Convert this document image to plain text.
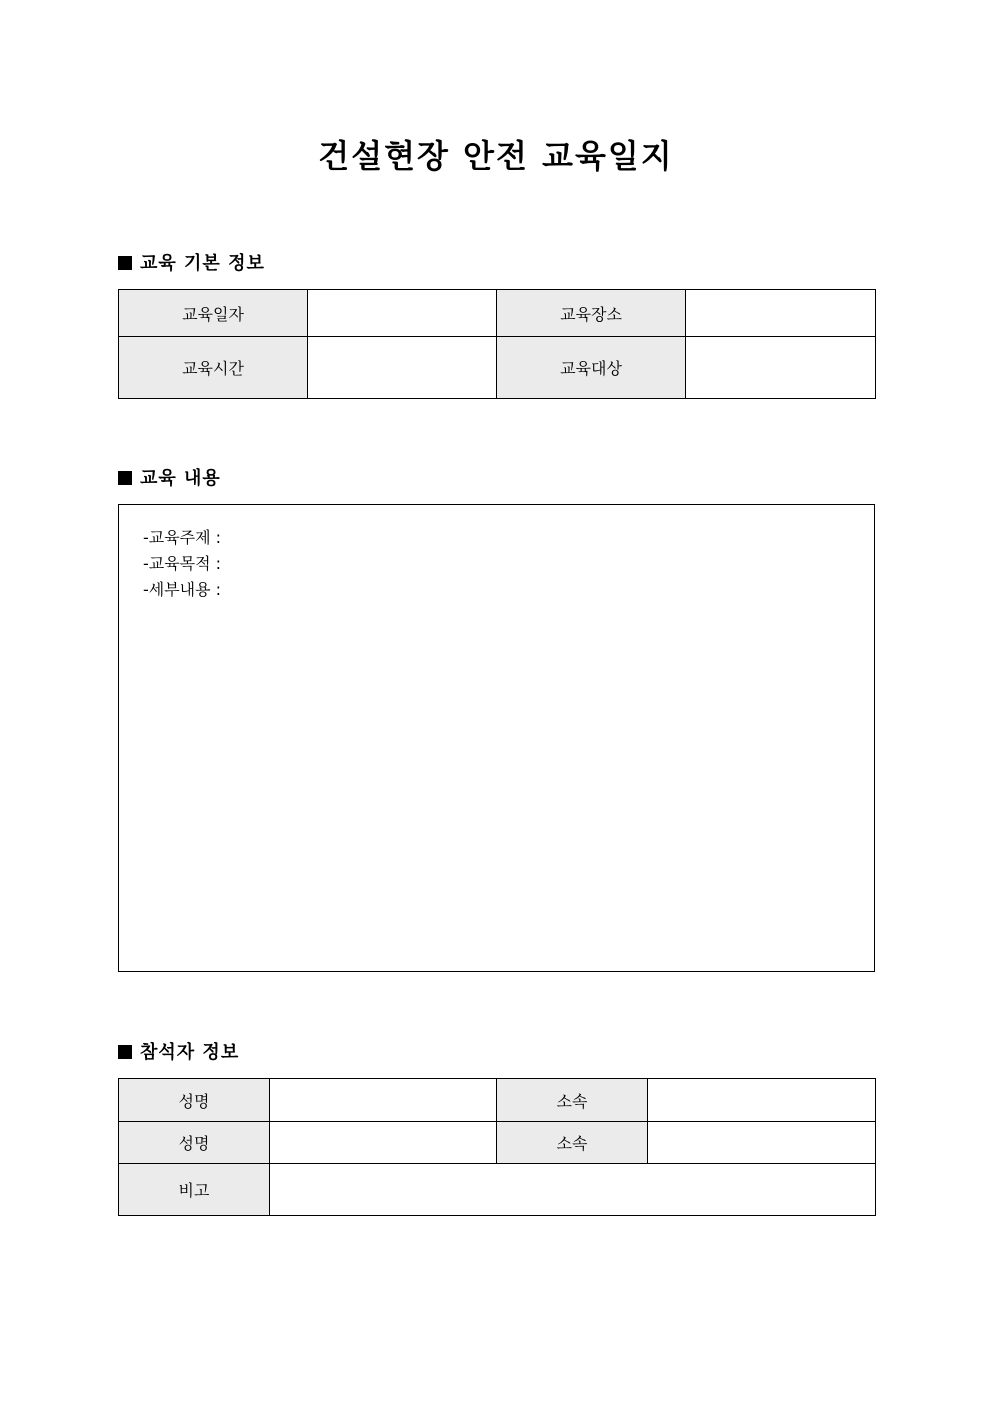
건설현장 안전 교육일지
교육 기본 정보
교육일자		교육장소	
교육시간		교육대상	
교육 내용
-교육주제 :
-교육목적 :
-세부내용 :
참석자 정보
성명		소속	
성명		소속	
비고			
